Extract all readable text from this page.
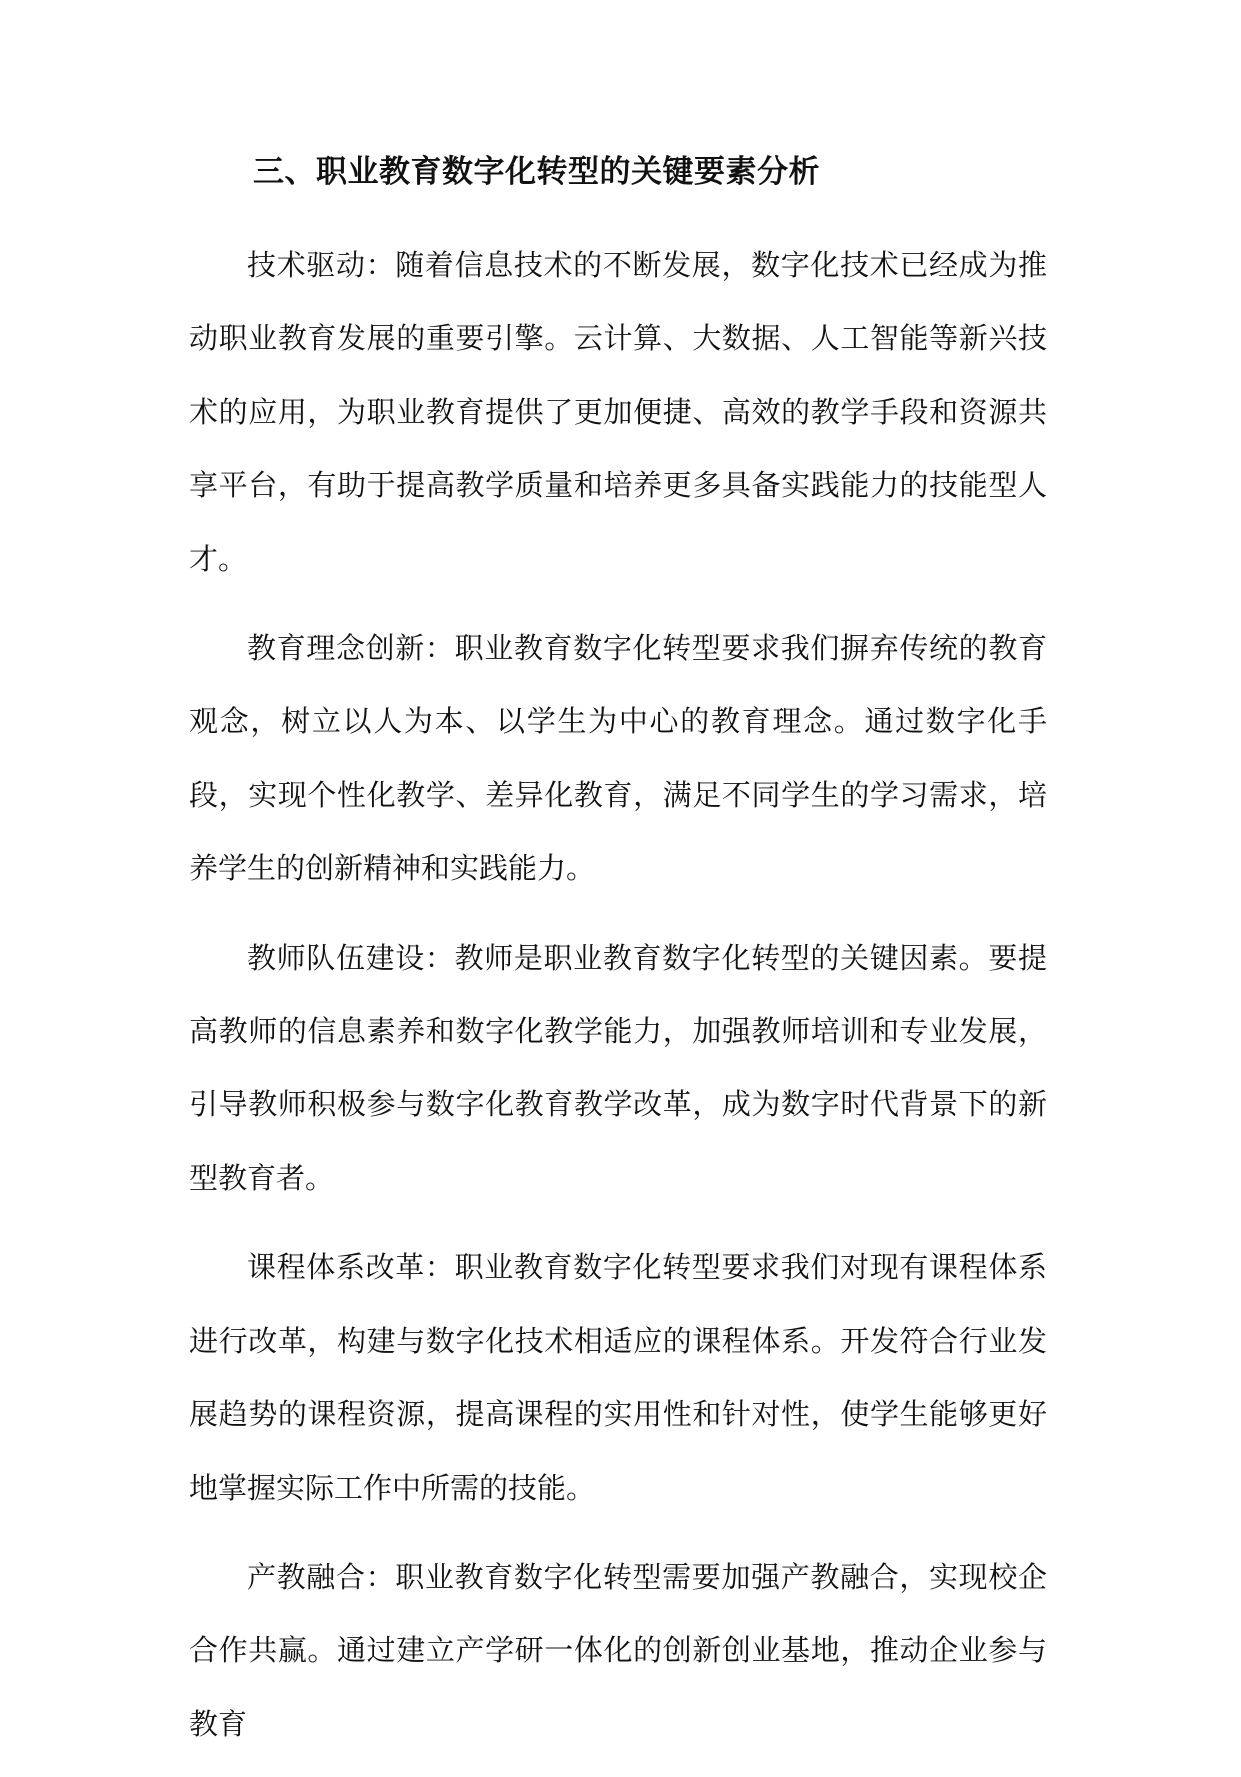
三、职业教育数字化转型的关键要素分析

技术驱动：随着信息技术的不断发展，数字化技术已经成为推动职业教育发展的重要引擎。云计算、大数据、人工智能等新兴技术的应用，为职业教育提供了更加便捷、高效的教学手段和资源共享平台，有助于提高教学质量和培养更多具备实践能力的技能型人才。

教育理念创新：职业教育数字化转型要求我们摒弃传统的教育观念，树立以人为本、以学生为中心的教育理念。通过数字化手段，实现个性化教学、差异化教育，满足不同学生的学习需求，培养学生的创新精神和实践能力。

教师队伍建设：教师是职业教育数字化转型的关键因素。要提高教师的信息素养和数字化教学能力，加强教师培训和专业发展，引导教师积极参与数字化教育教学改革，成为数字时代背景下的新型教育者。

课程体系改革：职业教育数字化转型要求我们对现有课程体系进行改革，构建与数字化技术相适应的课程体系。开发符合行业发展趋势的课程资源，提高课程的实用性和针对性，使学生能够更好地掌握实际工作中所需的技能。

产教融合：职业教育数字化转型需要加强产教融合，实现校企合作共赢。通过建立产学研一体化的创新创业基地，推动企业参与教育
